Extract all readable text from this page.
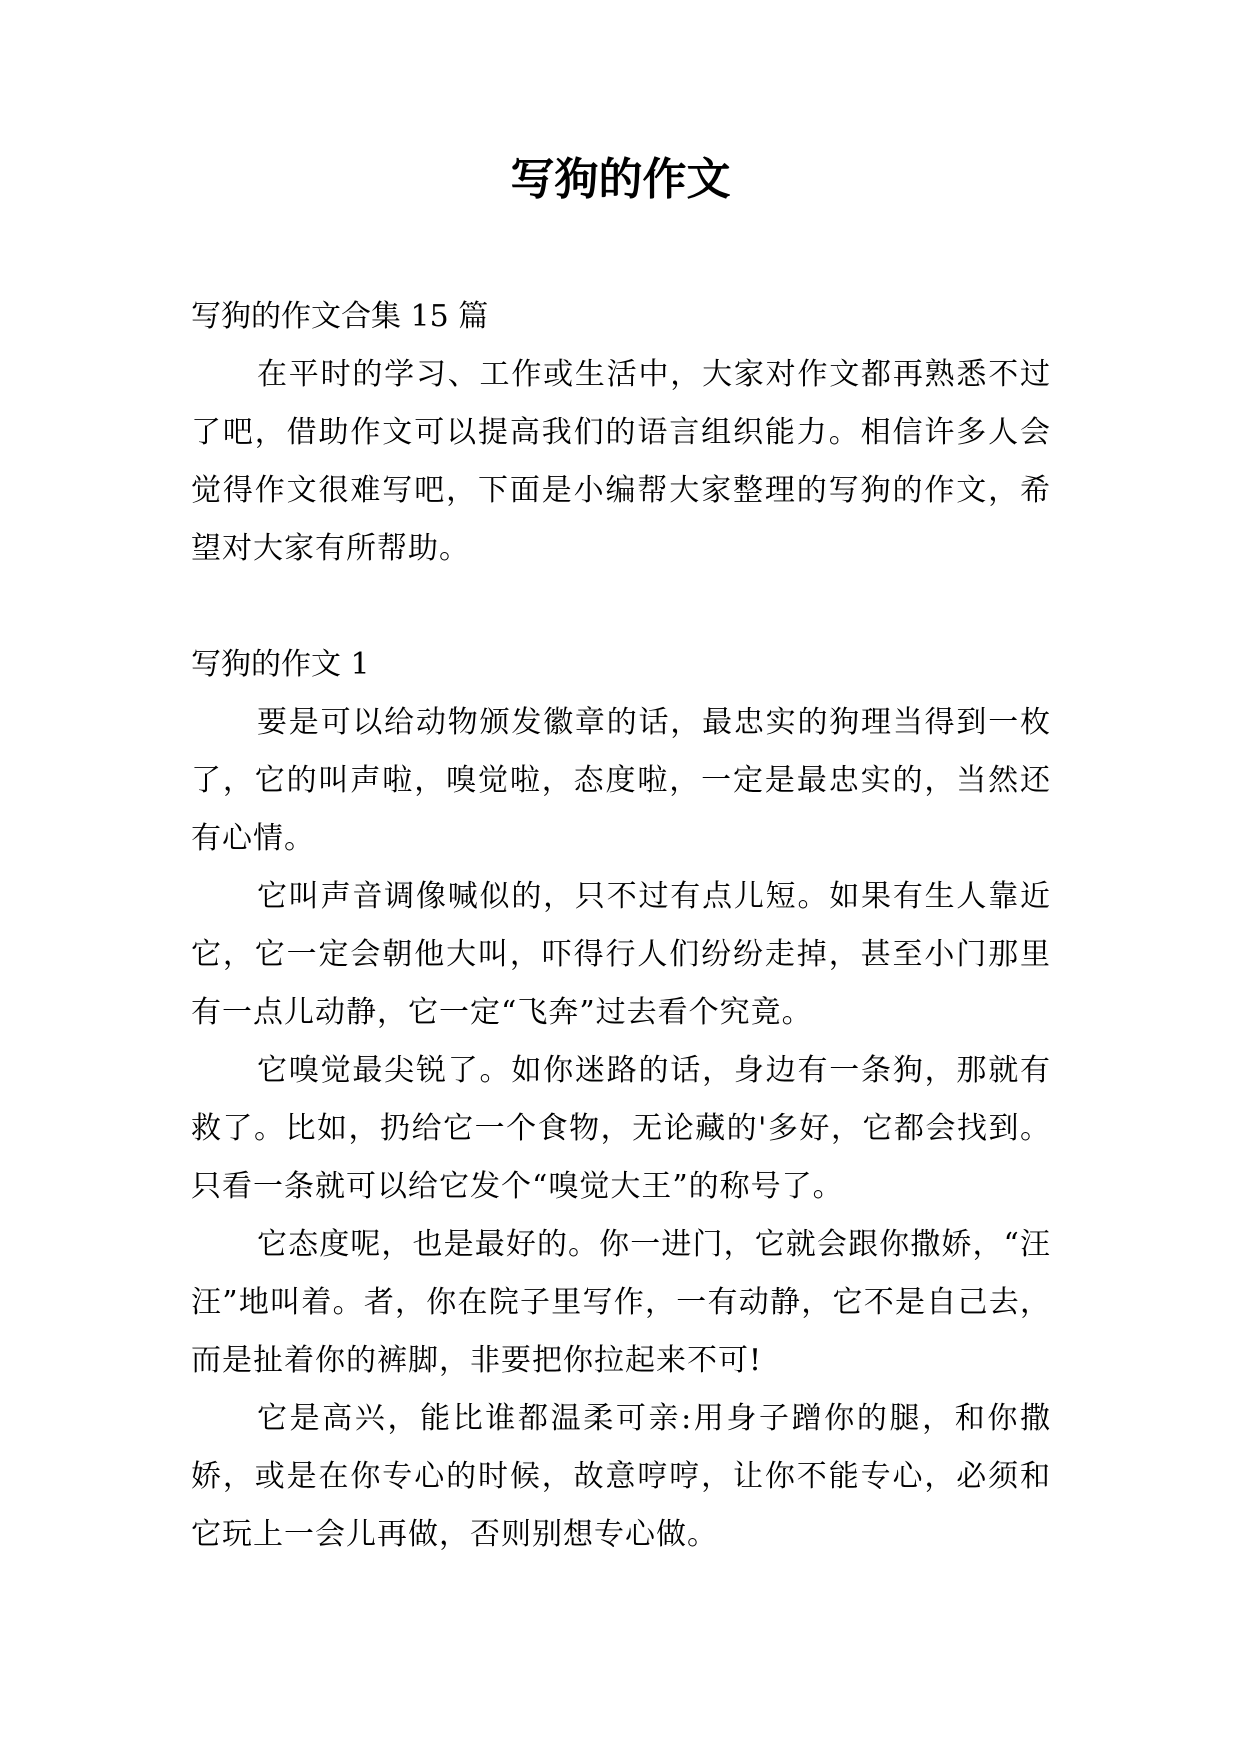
写狗的作文

写狗的作文合集 15 篇

在平时的学习、工作或生活中，大家对作文都再熟悉不过了吧，借助作文可以提高我们的语言组织能力。相信许多人会觉得作文很难写吧，下面是小编帮大家整理的写狗的作文，希望对大家有所帮助。

写狗的作文 1

要是可以给动物颁发徽章的话，最忠实的狗理当得到一枚了，它的叫声啦，嗅觉啦，态度啦，一定是最忠实的，当然还有心情。

它叫声音调像喊似的，只不过有点儿短。如果有生人靠近它，它一定会朝他大叫，吓得行人们纷纷走掉，甚至小门那里有一点儿动静，它一定“飞奔”过去看个究竟。

它嗅觉最尖锐了。如你迷路的话，身边有一条狗，那就有救了。比如，扔给它一个食物，无论藏的'多好，它都会找到。只看一条就可以给它发个“嗅觉大王”的称号了。

它态度呢，也是最好的。你一进门，它就会跟你撒娇，“汪汪”地叫着。者，你在院子里写作，一有动静，它不是自己去，而是扯着你的裤脚，非要把你拉起来不可!

它是高兴，能比谁都温柔可亲:用身子蹭你的腿，和你撒娇，或是在你专心的时候，故意哼哼，让你不能专心，必须和它玩上一会儿再做，否则别想专心做。
